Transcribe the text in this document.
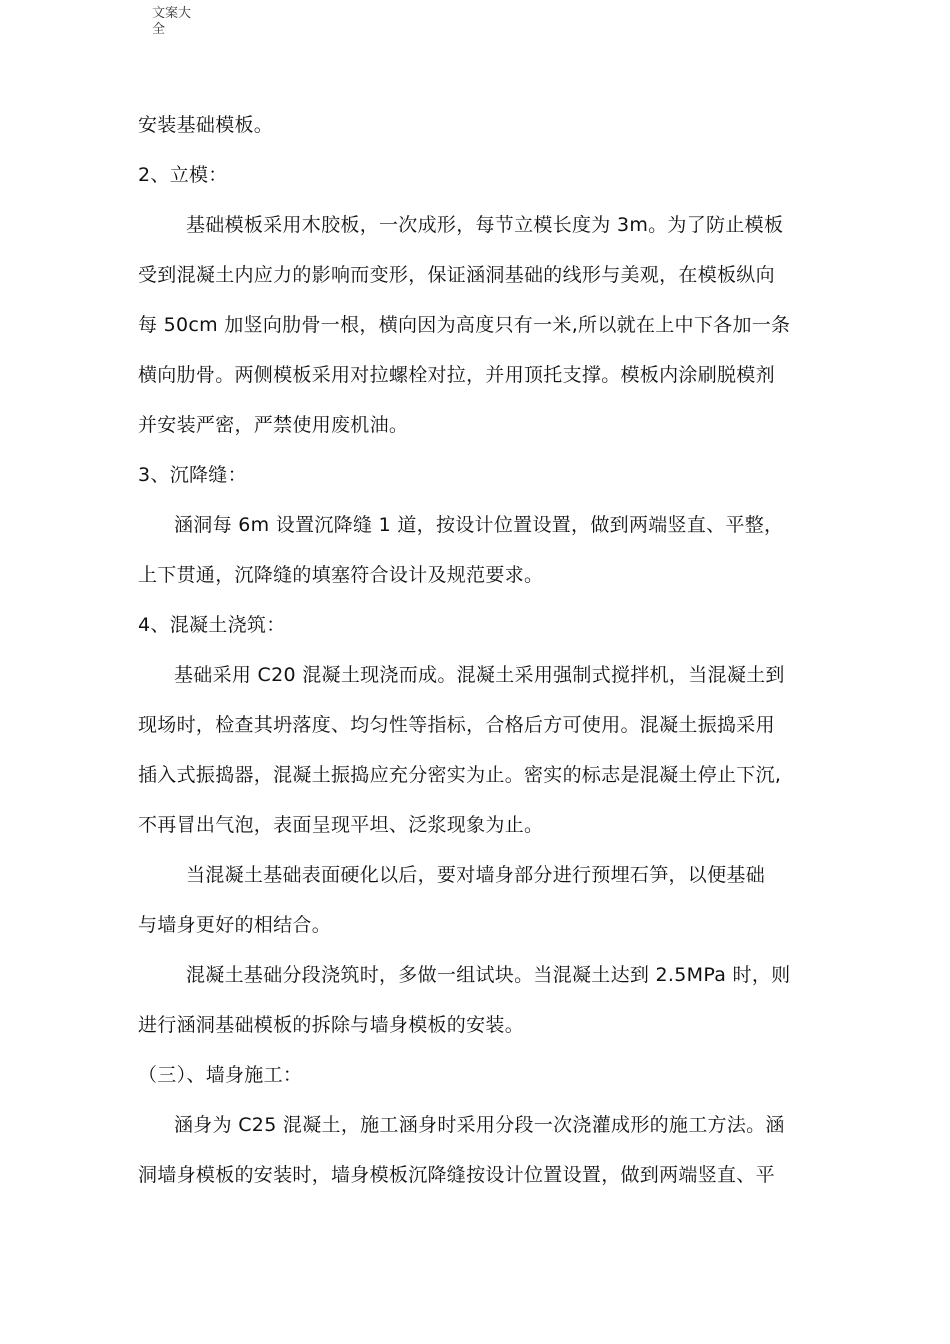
文案大
全
安装基础模板。
2、立模：
基础模板采用木胶板，一次成形，每节立模长度为 3m。为了防止模板
受到混凝土内应力的影响而变形，保证涵洞基础的线形与美观，在模板纵向
每 50cm 加竖向肋骨一根，横向因为高度只有一米,所以就在上中下各加一条
横向肋骨。两侧模板采用对拉螺栓对拉，并用顶托支撑。模板内涂刷脱模剂
并安装严密，严禁使用废机油。
3、沉降缝：
涵洞每 6m 设置沉降缝 1 道，按设计位置设置，做到两端竖直、平整，
上下贯通，沉降缝的填塞符合设计及规范要求。
4、混凝土浇筑：
基础采用 C20 混凝土现浇而成。混凝土采用强制式搅拌机，当混凝土到
现场时，检查其坍落度、均匀性等指标，合格后方可使用。混凝土振捣采用
插入式振捣器，混凝土振捣应充分密实为止。密实的标志是混凝土停止下沉,
不再冒出气泡，表面呈现平坦、泛浆现象为止。
当混凝土基础表面硬化以后，要对墙身部分进行预埋石笋，以便基础
与墙身更好的相结合。
混凝土基础分段浇筑时，多做一组试块。当混凝土达到 2.5MPa 时，则
进行涵洞基础模板的拆除与墙身模板的安装。
（三）、墙身施工：
涵身为 C25 混凝土，施工涵身时采用分段一次浇灌成形的施工方法。涵
洞墙身模板的安装时，墙身模板沉降缝按设计位置设置，做到两端竖直、平
